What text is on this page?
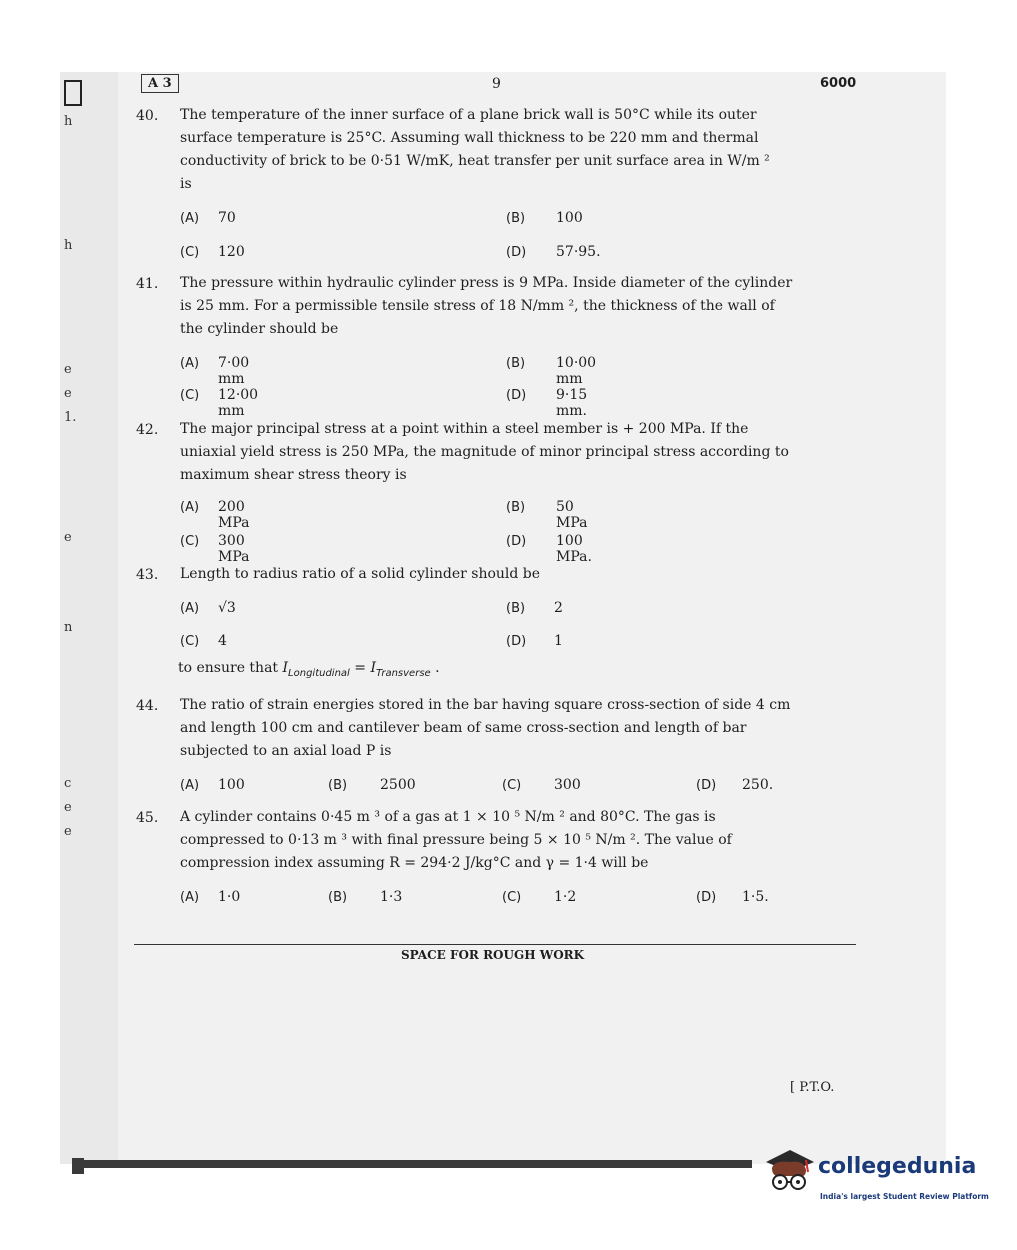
h
h
e
e
1.
e
n
c
e
e
A 3	9	6000
40. The temperature of the inner surface of a plane brick wall is 50°C while its outer
surface temperature is 25°C. Assuming wall thickness to be 220 mm and thermal
conductivity of brick to be 0·51 W/mK, heat transfer per unit surface area in W/m ²
is
(A) 70	(B) 100
(C) 120	(D) 57·95.
41. The pressure within hydraulic cylinder press is 9 MPa. Inside diameter of the cylinder
is 25 mm. For a permissible tensile stress of 18 N/mm ², the thickness of the wall of
the cylinder should be
(A) 7·00 mm
(B) 10·00 mm
(C) 12·00 mm
(D) 9·15 mm.
42. The major principal stress at a point within a steel member is + 200 MPa. If the
uniaxial yield stress is 250 MPa, the magnitude of minor principal stress according to
maximum shear stress theory is
(A) 200 MPa
(B) 50 MPa
(C) 300 MPa
(D) 100 MPa.
43. Length to radius ratio of a solid cylinder should be
(A) √3	(B) 2
(C) 4	(D) 1
to ensure that $I_{Longitudinal} = I_{Transverse}$ .
44. The ratio of strain energies stored in the bar having square cross-section of side 4 cm
and length 100 cm and cantilever beam of same cross-section and length of bar
subjected to an axial load P is
(A) 100	(B) 2500	(C) 300	(D) 250.
45. A cylinder contains 0·45 m ³ of a gas at 1 × 10 ⁵ N/m ² and 80°C. The gas is
compressed to 0·13 m ³ with final pressure being 5 × 10 ⁵ N/m ². The value of
compression index assuming R = 294·2 J/kg°C and γ = 1·4 will be
(A) 1·0	(B) 1·3	(C) 1·2	(D) 1·5.
SPACE FOR ROUGH WORK
[ P.T.O.
collegedunia
India's largest Student Review Platform
